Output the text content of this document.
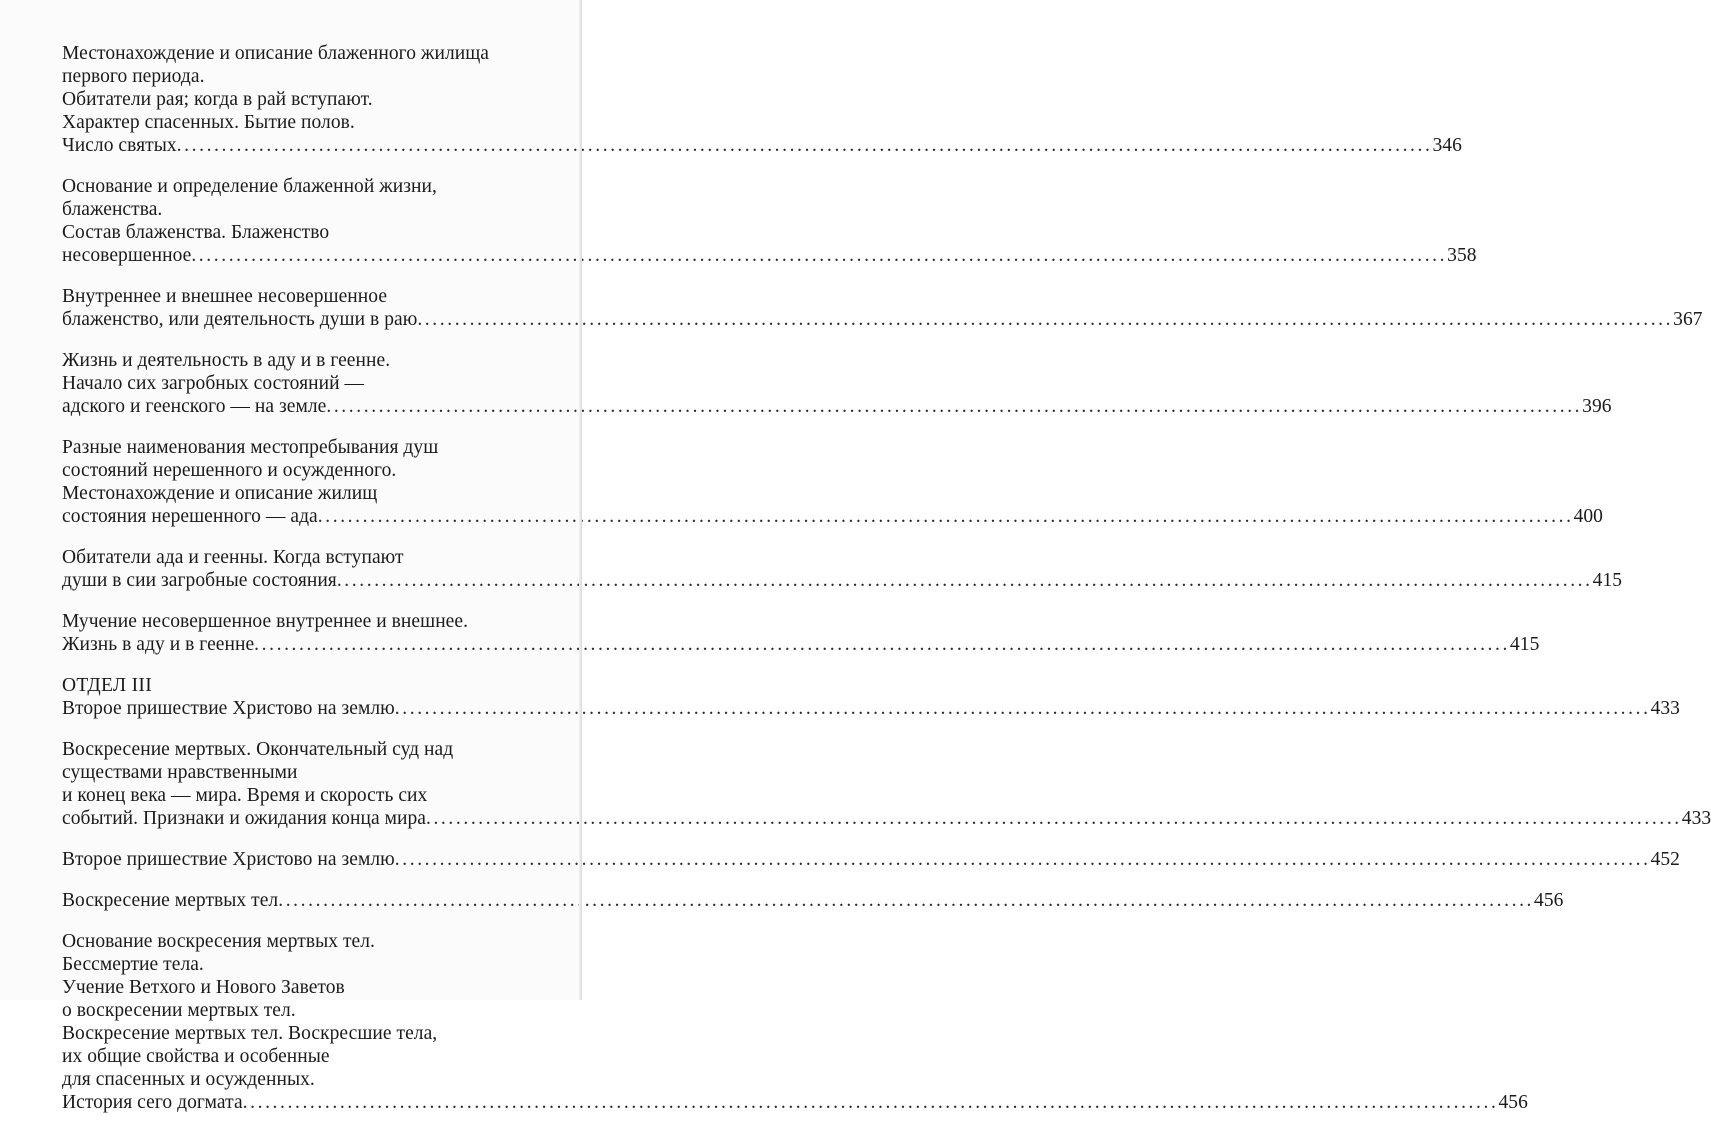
Местонахождение и описание блаженного жилища
первого периода.
Обитатели рая; когда в рай вступают.
Характер спасенных. Бытие полов.
Число святых .....	346
Основание и определение блаженной жизни,
блаженства.
Состав блаженства. Блаженство
несовершенное .....	358
Внутреннее и внешнее несовершенное
блаженство, или деятельность души в раю .....	367
Жизнь и деятельность в аду и в геенне.
Начало сих загробных состояний —
адского и геенского — на земле .....	396
Разные наименования местопребывания душ
состояний нерешенного и осужденного.
Местонахождение и описание жилищ
состояния нерешенного — ада .....	400
Обитатели ада и геенны. Когда вступают
души в сии загробные состояния .....	415
Мучение несовершенное внутреннее и внешнее.
Жизнь в аду и в геенне .....	415
ОТДЕЛ III
Второе пришествие Христово на землю .....	433
Воскресение мертвых. Окончательный суд над
существами нравственными
и конец века — мира. Время и скорость сих
событий. Признаки и ожидания конца мира .....	433
Второе пришествие Христово на землю .....	452
Воскресение мертвых тел .....	456
Основание воскресения мертвых тел.
Бессмертие тела.
Учение Ветхого и Нового Заветов
о воскресении мертвых тел.
Воскресение мертвых тел. Воскресшие тела,
их общие свойства и особенные
для спасенных и осужденных.
История сего догмата .....	456
